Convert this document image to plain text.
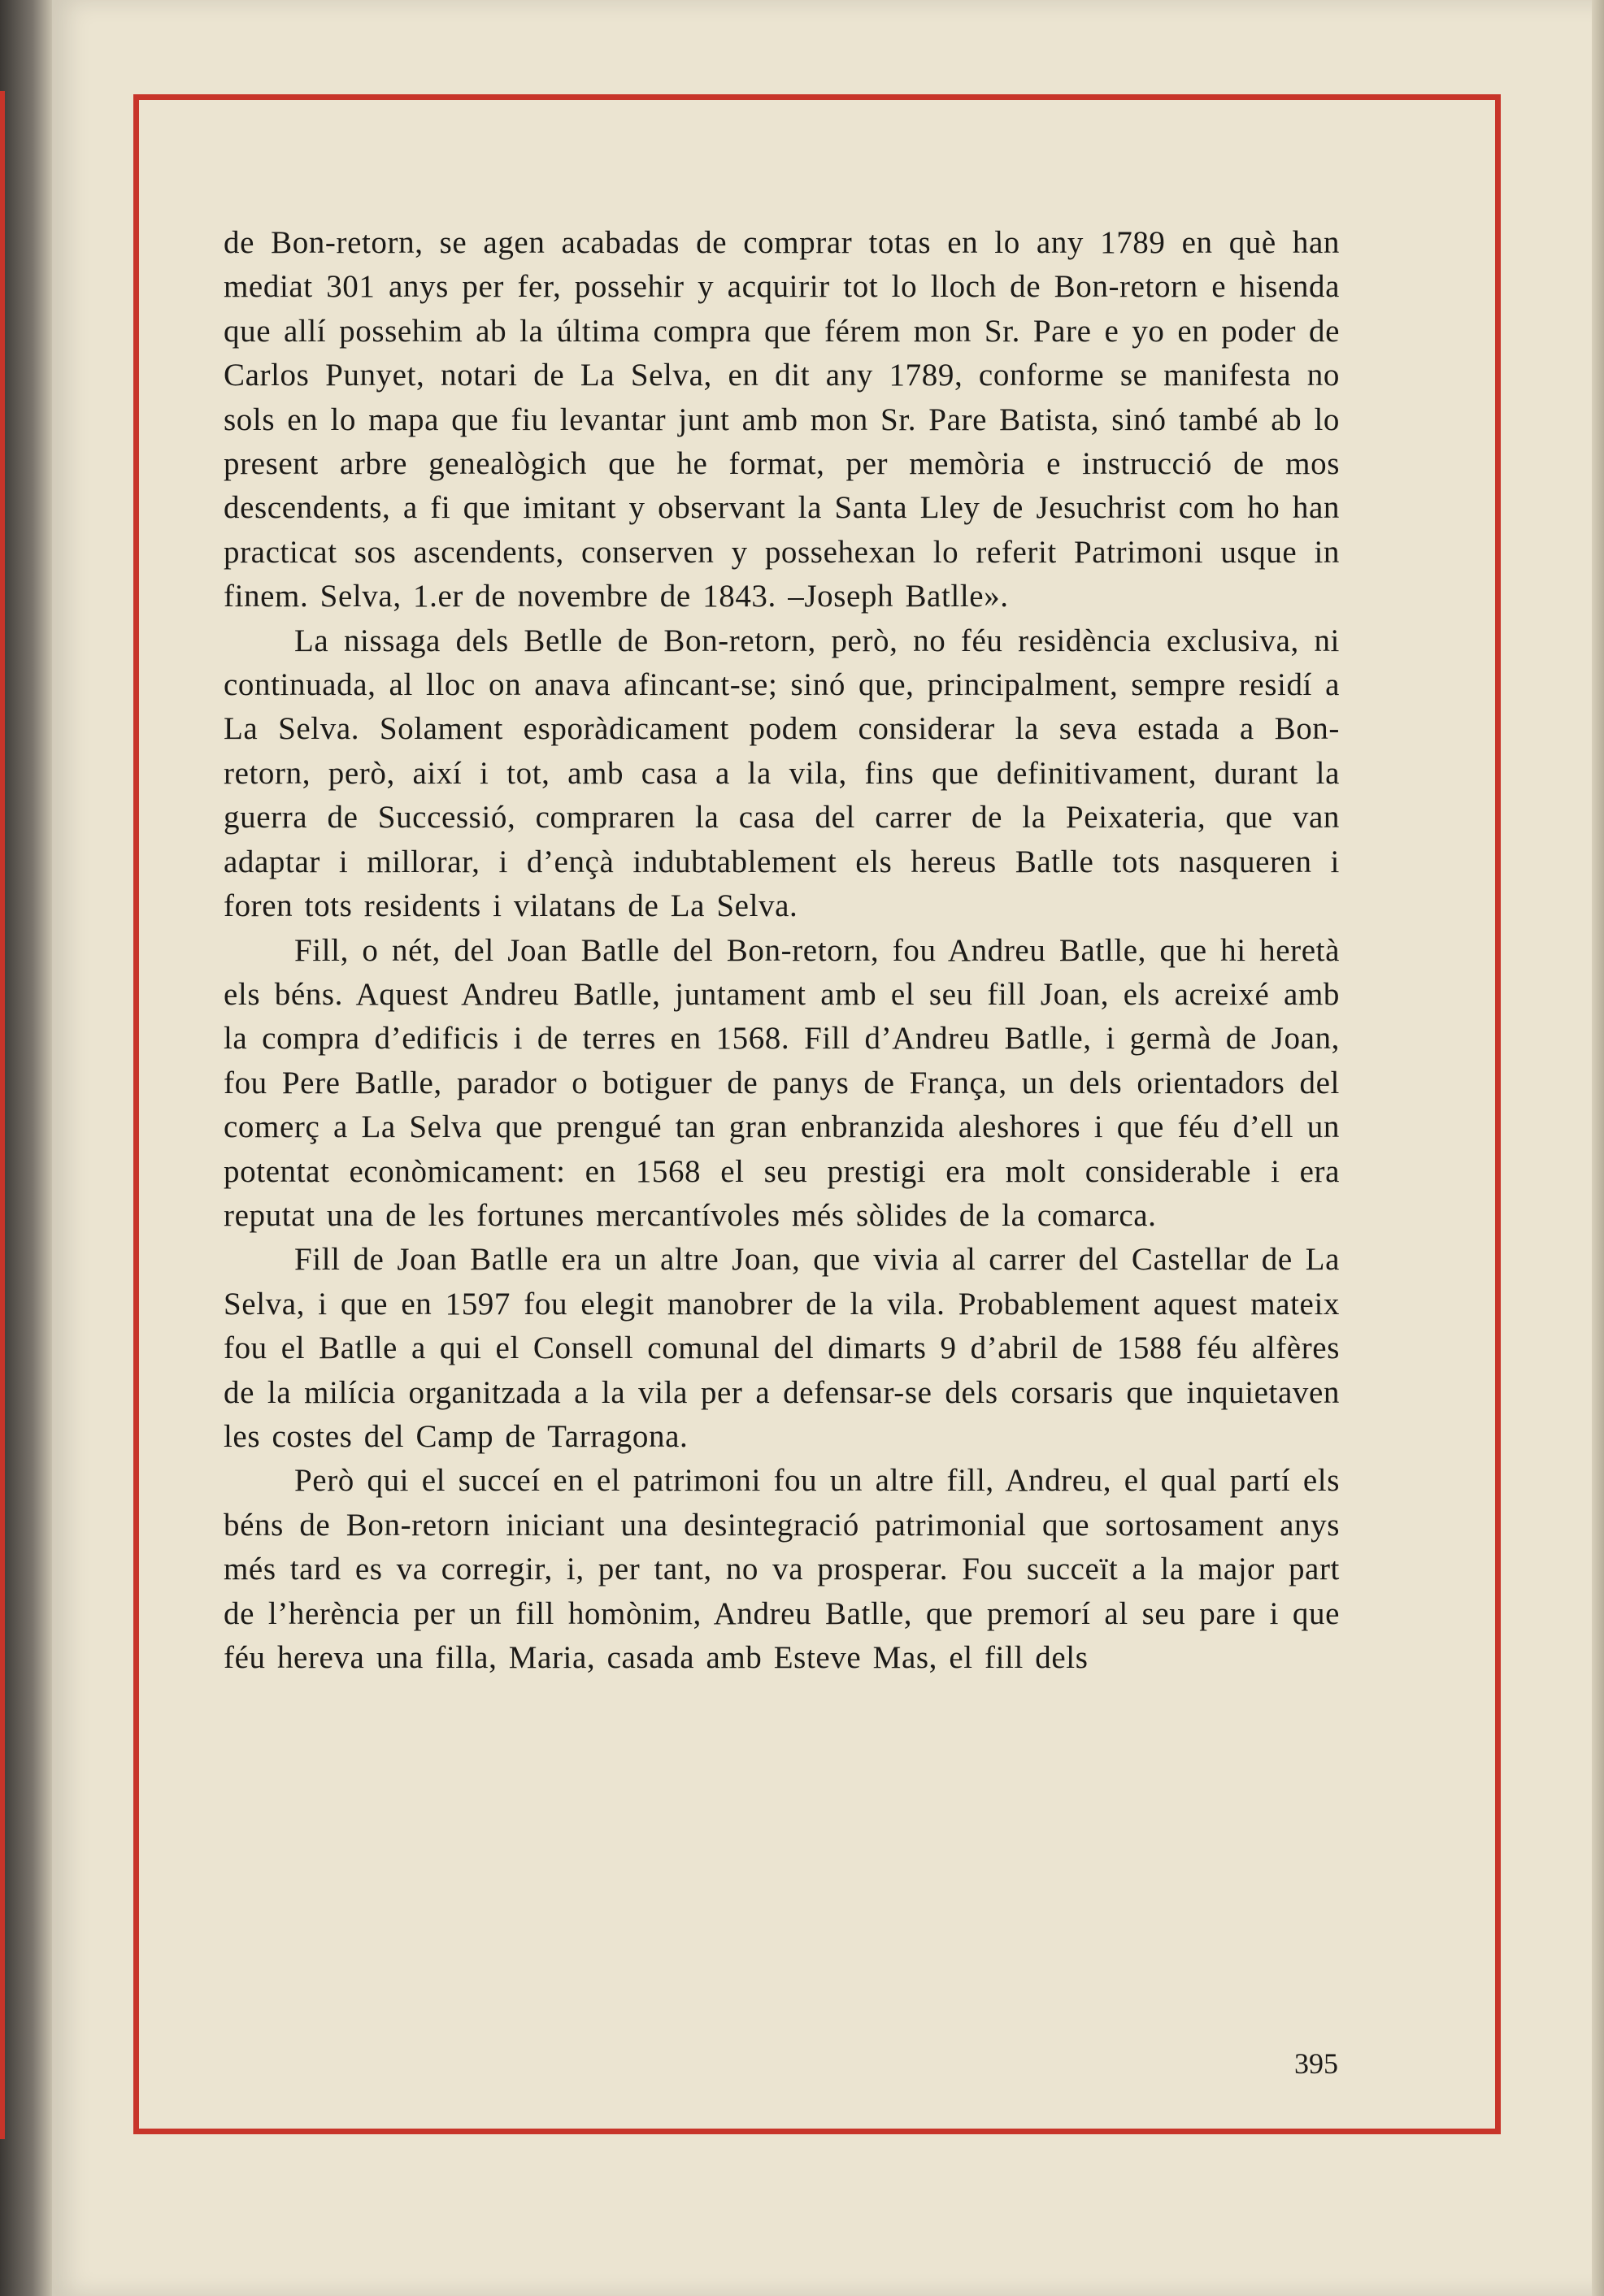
de Bon-retorn, se agen acabadas de comprar totas en lo any 1789 en què han mediat 301 anys per fer, possehir y acquirir tot lo lloch de Bon-retorn e hisenda que allí possehim ab la última compra que férem mon Sr. Pare e yo en poder de Carlos Punyet, notari de La Selva, en dit any 1789, conforme se manifesta no sols en lo mapa que fiu levantar junt amb mon Sr. Pare Batista, sinó també ab lo present arbre genealògich que he format, per memòria e instrucció de mos descendents, a fi que imitant y observant la Santa Lley de Jesuchrist com ho han practicat sos ascendents, conserven y possehexan lo referit Patrimoni usque in finem. Selva, 1.er de novembre de 1843. –Joseph Batlle».

La nissaga dels Betlle de Bon-retorn, però, no féu residència exclusiva, ni continuada, al lloc on anava afincant-se; sinó que, principalment, sempre residí a La Selva. Solament esporàdicament podem considerar la seva estada a Bon-retorn, però, així i tot, amb casa a la vila, fins que definitivament, durant la guerra de Successió, compraren la casa del carrer de la Peixateria, que van adaptar i millorar, i d’ençà indubtablement els hereus Batlle tots nasqueren i foren tots residents i vilatans de La Selva.

Fill, o nét, del Joan Batlle del Bon-retorn, fou Andreu Batlle, que hi heretà els béns. Aquest Andreu Batlle, juntament amb el seu fill Joan, els acreixé amb la compra d’edificis i de terres en 1568. Fill d’Andreu Batlle, i germà de Joan, fou Pere Batlle, parador o botiguer de panys de França, un dels orientadors del comerç a La Selva que prengué tan gran enbranzida aleshores i que féu d’ell un potentat econòmicament: en 1568 el seu prestigi era molt considerable i era reputat una de les fortunes mercantívoles més sòlides de la comarca.

Fill de Joan Batlle era un altre Joan, que vivia al carrer del Castellar de La Selva, i que en 1597 fou elegit manobrer de la vila. Probablement aquest mateix fou el Batlle a qui el Consell comunal del dimarts 9 d’abril de 1588 féu alfères de la milícia organitzada a la vila per a defensar-se dels corsaris que inquietaven les costes del Camp de Tarragona.

Però qui el succeí en el patrimoni fou un altre fill, Andreu, el qual partí els béns de Bon-retorn iniciant una desintegració patrimonial que sortosament anys més tard es va corregir, i, per tant, no va prosperar. Fou succeït a la major part de l’herència per un fill homònim, Andreu Batlle, que premorí al seu pare i que féu hereva una filla, Maria, casada amb Esteve Mas, el fill dels

395
